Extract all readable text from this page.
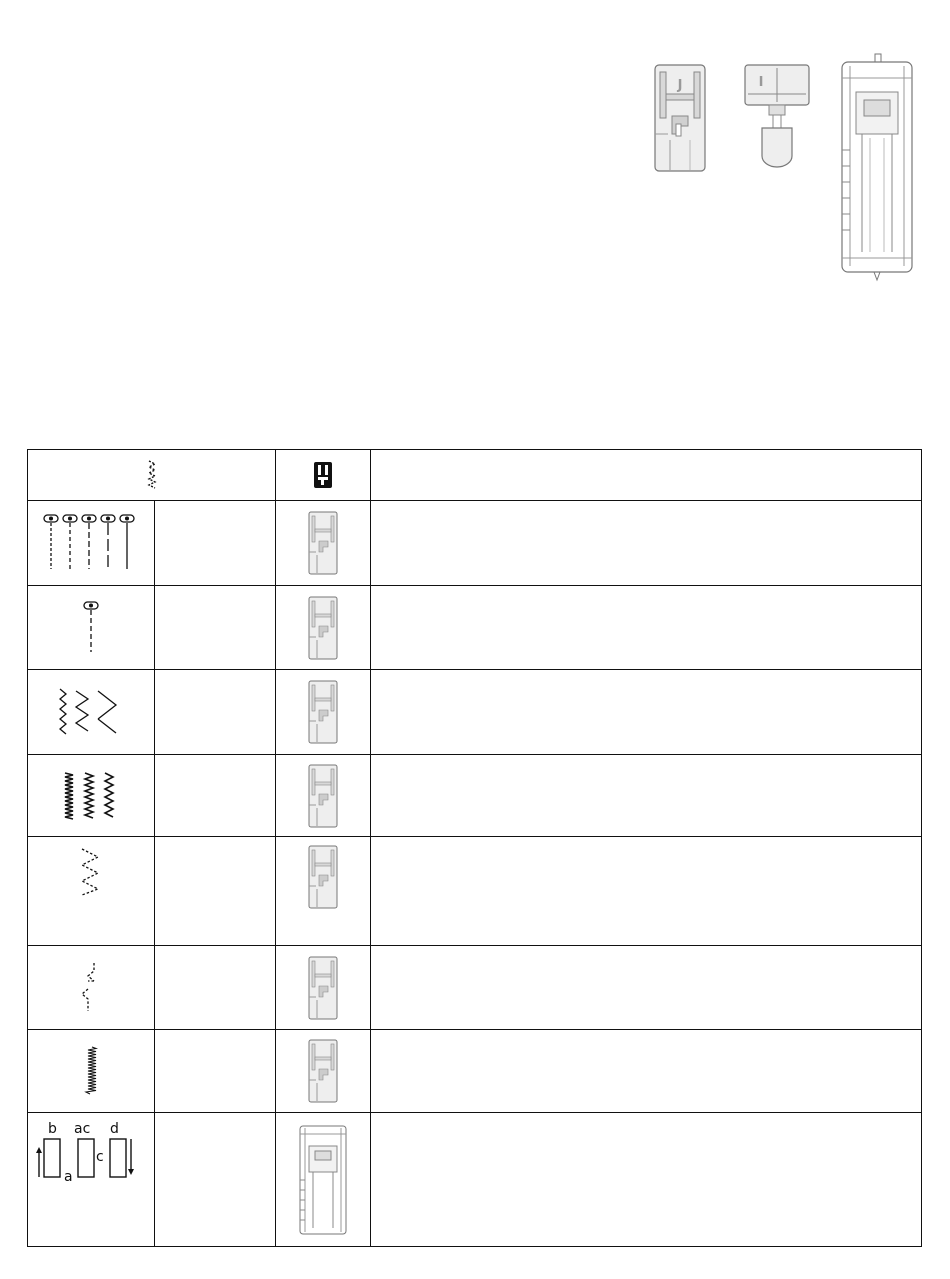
J	I

b ac d
a
c
